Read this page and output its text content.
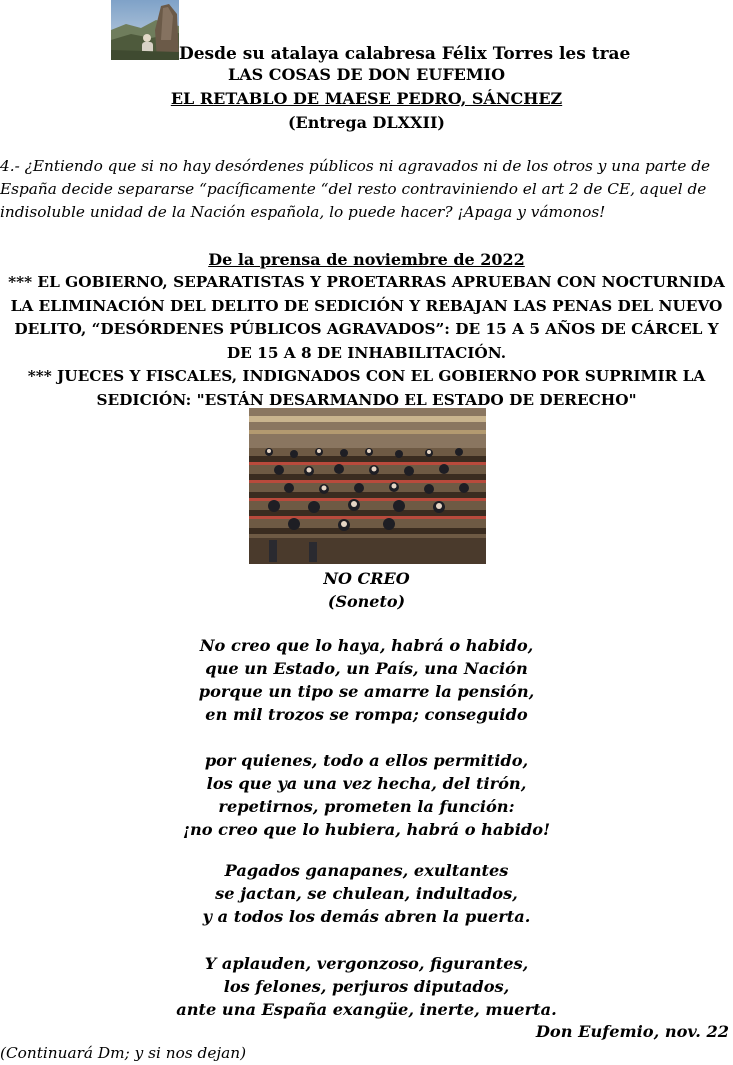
Desde su atalaya calabresa Félix Torres les trae
LAS COSAS DE DON EUFEMIO
EL RETABLO DE MAESE PEDRO, SÁNCHEZ
(Entrega DLXXII)
4.- ¿Entiendo que si no hay desórdenes públicos ni agravados ni de los otros y una parte de España decide separarse “pacíficamente “del resto contraviniendo el art 2 de CE, aquel de indisoluble unidad de la Nación española, lo puede hacer? ¡Apaga y vámonos!
De la prensa de noviembre de 2022

*** EL GOBIERNO, SEPARATISTAS Y PROETARRAS APRUEBAN CON NOCTURNIDA LA ELIMINACIÓN DEL DELITO DE SEDICIÓN Y REBAJAN LAS PENAS DEL NUEVO DELITO, “DESÓRDENES PÚBLICOS AGRAVADOS”: DE 15 A 5 AÑOS DE CÁRCEL Y DE 15 A 8 DE INHABILITACIÓN.

*** JUECES Y FISCALES, INDIGNADOS CON EL GOBIERNO POR SUPRIMIR LA SEDICIÓN: "ESTÁN DESARMANDO EL ESTADO DE DERECHO"

NO CREO
(Soneto)
No creo que lo haya, habrá o habido,
que un Estado, un País, una Nación
porque un tipo se amarre la pensión,
en mil trozos se rompa; conseguido
por quienes, todo a ellos permitido,
los que ya una vez hecha, del tirón,
repetirnos, prometen la función:
¡no creo que lo hubiera, habrá o habido!
Pagados ganapanes, exultantes
se jactan, se chulean, indultados,
y a todos los demás abren la puerta.
Y aplauden, vergonzoso, figurantes,
los felones, perjuros diputados,
ante una España exangüe, inerte, muerta.
Don Eufemio, nov. 22
(Continuará Dm; y si nos dejan)
